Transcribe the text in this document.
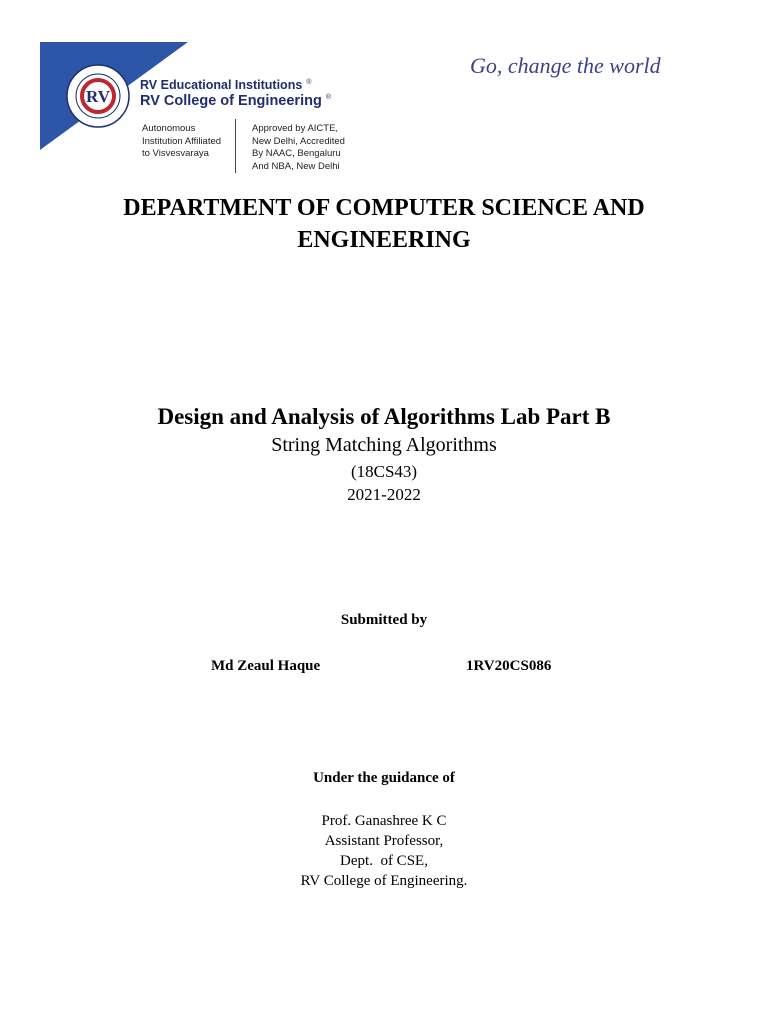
RV
RV Educational Institutions ®
RV College of Engineering ®
Autonomous
Institution Affiliated
to Visvesvaraya
Approved by AICTE,
New Delhi, Accredited
By NAAC, Bengaluru
And NBA, New Delhi
Go, change the world
DEPARTMENT OF COMPUTER SCIENCE AND ENGINEERING
Design and Analysis of Algorithms Lab Part B
String Matching Algorithms
(18CS43)
2021-2022
Submitted by
Md Zeaul Haque	1RV20CS086
Under the guidance of
Prof. Ganashree K C
Assistant Professor,
Dept.  of CSE,
RV College of Engineering.
